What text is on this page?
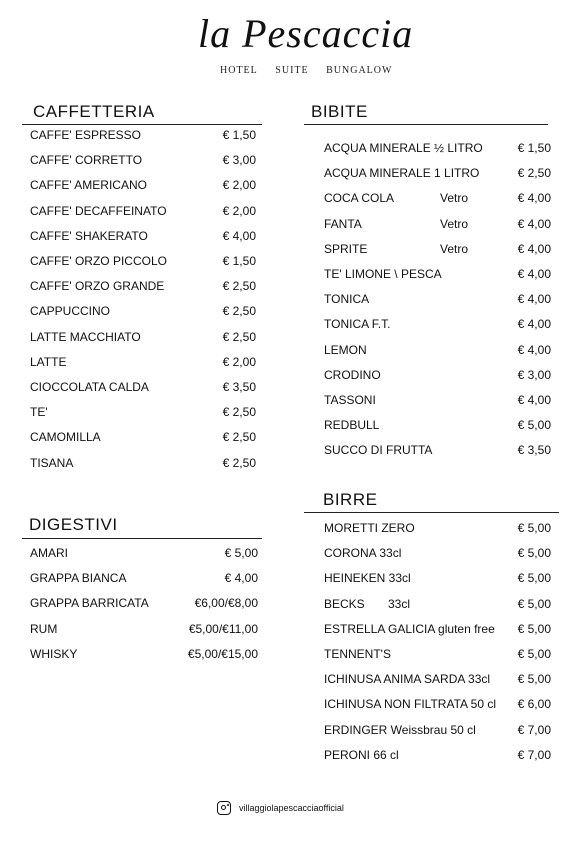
la Pescaccia
HOTEL SUITE BUNGALOW
CAFFETTERIA
CAFFE' ESPRESSO	€ 1,50
CAFFE' CORRETTO	€ 3,00
CAFFE' AMERICANO	€ 2,00
CAFFE' DECAFFEINATO	€ 2,00
CAFFE' SHAKERATO	€ 4,00
CAFFE' ORZO PICCOLO	€ 1,50
CAFFE' ORZO GRANDE	€ 2,50
CAPPUCCINO	€ 2,50
LATTE MACCHIATO	€ 2,50
LATTE	€ 2,00
CIOCCOLATA CALDA	€ 3,50
TE'	€ 2,50
CAMOMILLA	€ 2,50
TISANA	€ 2,50
DIGESTIVI
AMARI	€ 5,00
GRAPPA BIANCA	€ 4,00
GRAPPA BARRICATA	€6,00/€8,00
RUM	€5,00/€11,00
WHISKY	€5,00/€15,00
BIBITE
ACQUA MINERALE ½ LITRO	€ 1,50
ACQUA MINERALE 1 LITRO	€ 2,50
COCA COLA	Vetro	€ 4,00
FANTA	Vetro	€ 4,00
SPRITE	Vetro	€ 4,00
TE' LIMONE \ PESCA	€ 4,00
TONICA	€ 4,00
TONICA F.T.	€ 4,00
LEMON	€ 4,00
CRODINO	€ 3,00
TASSONI	€ 4,00
REDBULL	€ 5,00
SUCCO DI FRUTTA	€ 3,50
BIRRE
MORETTI ZERO	€ 5,00
CORONA 33cl	€ 5,00
HEINEKEN 33cl	€ 5,00
BECKS 33cl	€ 5,00
ESTRELLA GALICIA gluten free € 5,00
TENNENT'S	€ 5,00
ICHINUSA ANIMA SARDA 33cl € 5,00
ICHINUSA NON FILTRATA 50 cl € 6,00
ERDINGER Weissbrau 50 cl	€ 7,00
PERONI 66 cl	€ 7,00
villaggiolapescacciaofficial
